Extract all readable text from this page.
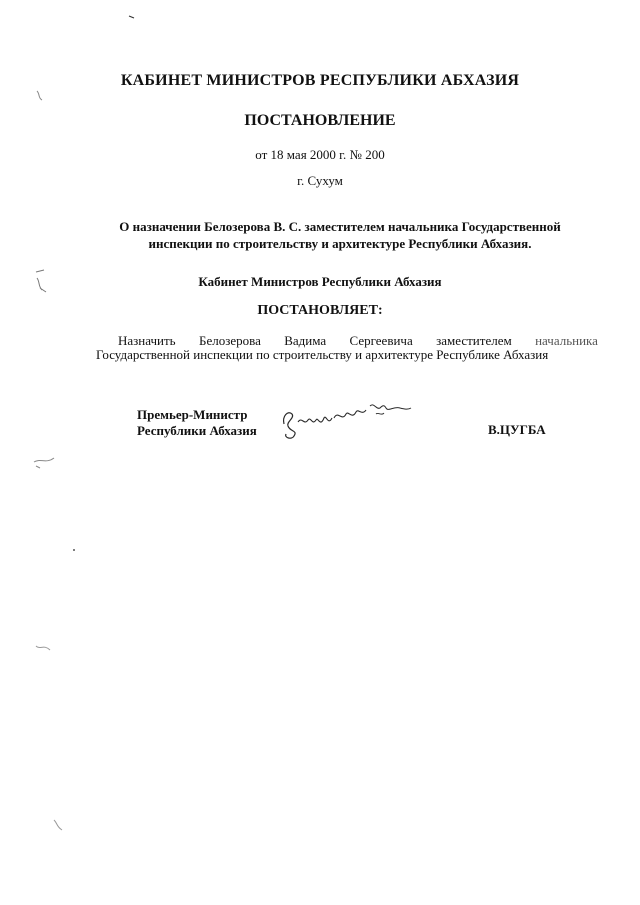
КАБИНЕТ МИНИСТРОВ РЕСПУБЛИКИ АБХАЗИЯ
ПОСТАНОВЛЕНИЕ
от 18 мая 2000 г. № 200
г. Сухум
О назначении Белозерова В. С. заместителем начальника Государственной
инспекции по строительству и архитектуре Республики Абхазия.
Кабинет Министров Республики Абхазия
ПОСТАНОВЛЯЕТ:
Назначить Белозерова Вадима Сергеевича заместителем начальника
Государственной инспекции по строительству и архитектуре Республике Абхазия
Премьер-Министр
Республики Абхазия	В.ЦУГБА
